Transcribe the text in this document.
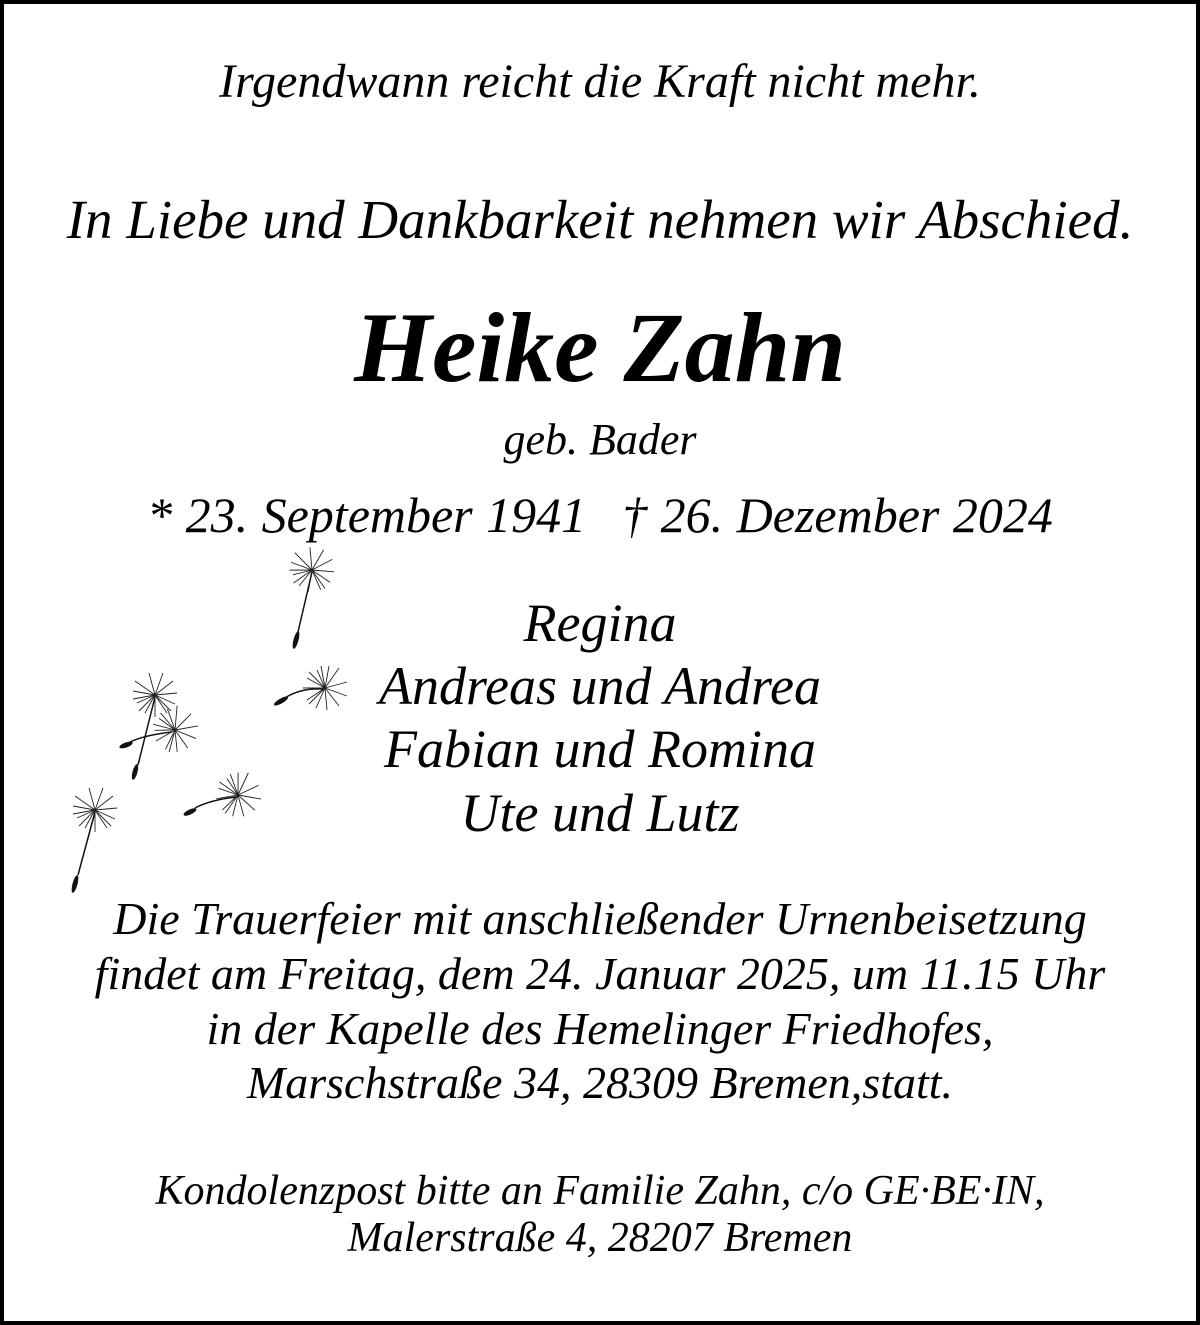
Irgendwann reicht die Kraft nicht mehr.
In Liebe und Dankbarkeit nehmen wir Abschied.
Heike Zahn
geb. Bader
* 23. September 1941 † 26. Dezember 2024
Regina
Andreas und Andrea
Fabian und Romina
Ute und Lutz
Die Trauerfeier mit anschließender Urnenbeisetzung
findet am Freitag, dem 24. Januar 2025, um 11.15 Uhr
in der Kapelle des Hemelinger Friedhofes,
Marschstraße 34, 28309 Bremen,statt.
Kondolenzpost bitte an Familie Zahn, c/o GE·BE·IN,
Malerstraße 4, 28207 Bremen
